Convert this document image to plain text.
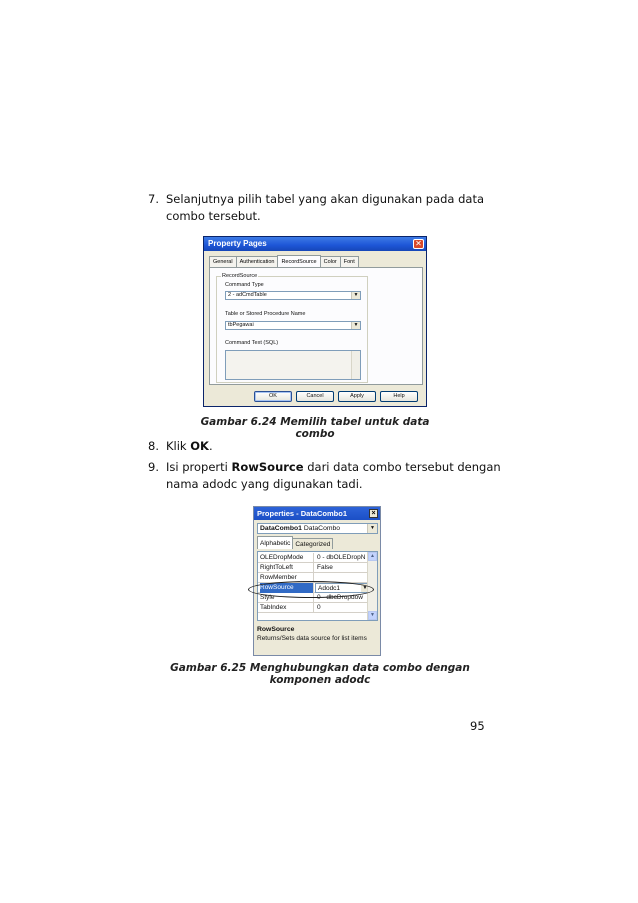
7. Selanjutnya pilih tabel yang akan digunakan pada data combo tersebut.
Property Pages	✕
General	Authentication	RecordSource	Color	Font
RecordSource
Command Type
2 - adCmdTable	▼
Table or Stored Procedure Name
tbPegawai	▼
Command Text (SQL)
OK	Cancel	Apply	Help
Gambar 6.24 Memilih tabel untuk data combo
8. Klik OK.
9. Isi properti RowSource dari data combo tersebut dengan nama adodc yang digunakan tadi.
Properties - DataCombo1	×
DataCombo1 DataCombo	▼
Alphabetic Categorized
OLEDropMode	0 - dbOLEDropN
RightToLeft	False
RowMember
RowSource	Adodc1	▼
Style	0 - dbcDropdow
TabIndex	0
▲
▼
RowSource
Returns/Sets data source for list items
Gambar 6.25 Menghubungkan data combo dengan komponen adodc
95
